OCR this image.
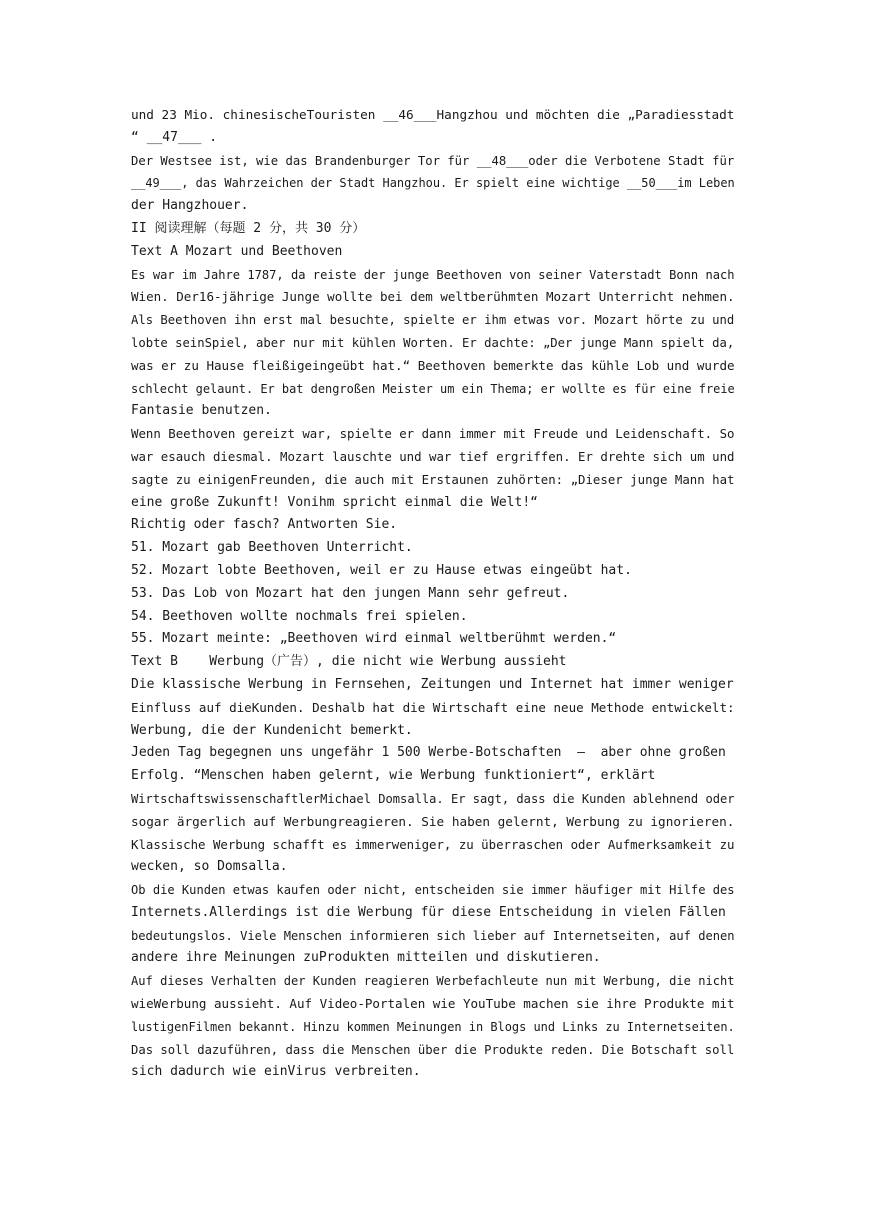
und 23 Mio. chinesischeTouristen __46___Hangzhou und möchten die „Paradiesstadt
“ __47___ .
Der Westsee ist, wie das Brandenburger Tor für __48___oder die Verbotene Stadt für
__49___, das Wahrzeichen der Stadt Hangzhou. Er spielt eine wichtige __50___im Leben
der Hangzhouer.
II 阅读理解（每题 2 分，共 30 分）
Text A Mozart und Beethoven
Es war im Jahre 1787, da reiste der junge Beethoven von seiner Vaterstadt Bonn nach
Wien. Der16‐jährige Junge wollte bei dem weltberühmten Mozart Unterricht nehmen.
Als Beethoven ihn erst mal besuchte, spielte er ihm etwas vor. Mozart hörte zu und
lobte seinSpiel, aber nur mit kühlen Worten. Er dachte: „Der junge Mann spielt da,
was er zu Hause fleißigeingeübt hat.“ Beethoven bemerkte das kühle Lob und wurde
schlecht gelaunt. Er bat dengroßen Meister um ein Thema; er wollte es für eine freie
Fantasie benutzen.
Wenn Beethoven gereizt war, spielte er dann immer mit Freude und Leidenschaft. So
war esauch diesmal. Mozart lauschte und war tief ergriffen. Er drehte sich um und
sagte zu einigenFreunden, die auch mit Erstaunen zuhörten: „Dieser junge Mann hat
eine große Zukunft! Vonihm spricht einmal die Welt!“
Richtig oder fasch? Antworten Sie.
51. Mozart gab Beethoven Unterricht.
52. Mozart lobte Beethoven, weil er zu Hause etwas eingeübt hat.
53. Das Lob von Mozart hat den jungen Mann sehr gefreut.
54. Beethoven wollte nochmals frei spielen.
55. Mozart meinte: „Beethoven wird einmal weltberühmt werden.“
Text B    Werbung（广告）, die nicht wie Werbung aussieht
Die klassische Werbung in Fernsehen, Zeitungen und Internet hat immer weniger
Einfluss auf dieKunden. Deshalb hat die Wirtschaft eine neue Methode entwickelt:
Werbung, die der Kundenicht bemerkt.
Jeden Tag begegnen uns ungefähr 1 500 Werbe‐Botschaften  –  aber ohne großen
Erfolg. “Menschen haben gelernt, wie Werbung funktioniert“, erklärt
WirtschaftswissenschaftlerMichael Domsalla. Er sagt, dass die Kunden ablehnend oder
sogar ärgerlich auf Werbungreagieren. Sie haben gelernt, Werbung zu ignorieren.
Klassische Werbung schafft es immerweniger, zu überraschen oder Aufmerksamkeit zu
wecken, so Domsalla.
Ob die Kunden etwas kaufen oder nicht, entscheiden sie immer häufiger mit Hilfe des
Internets.Allerdings ist die Werbung für diese Entscheidung in vielen Fällen
bedeutungslos. Viele Menschen informieren sich lieber auf Internetseiten, auf denen
andere ihre Meinungen zuProdukten mitteilen und diskutieren.
Auf dieses Verhalten der Kunden reagieren Werbefachleute nun mit Werbung, die nicht
wieWerbung aussieht. Auf Video‐Portalen wie YouTube machen sie ihre Produkte mit
lustigenFilmen bekannt. Hinzu kommen Meinungen in Blogs und Links zu Internetseiten.
Das soll dazuführen, dass die Menschen über die Produkte reden. Die Botschaft soll
sich dadurch wie einVirus verbreiten.
